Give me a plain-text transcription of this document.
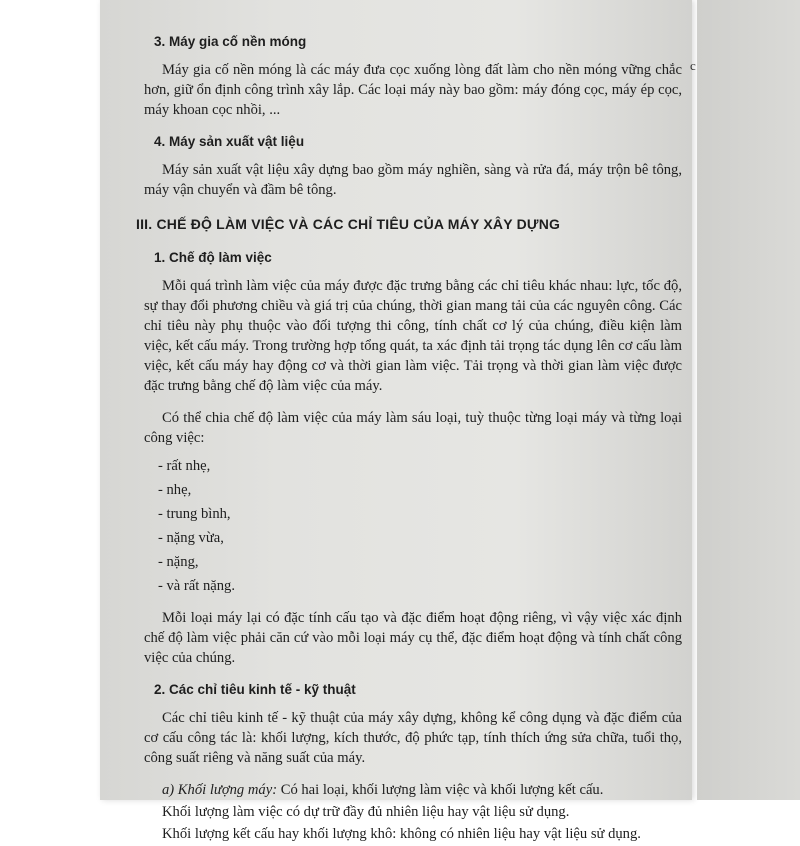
c
3. Máy gia cố nền móng

Máy gia cố nền móng là các máy đưa cọc xuống lòng đất làm cho nền móng vững chắc hơn, giữ ổn định công trình xây lắp. Các loại máy này bao gồm: máy đóng cọc, máy ép cọc, máy khoan cọc nhồi, ...

4. Máy sản xuất vật liệu

Máy sản xuất vật liệu xây dựng bao gồm máy nghiền, sàng và rửa đá, máy trộn bê tông, máy vận chuyển và đầm bê tông.

III. CHẾ ĐỘ LÀM VIỆC VÀ CÁC CHỈ TIÊU CỦA MÁY XÂY DỰNG
1. Chế độ làm việc

Mỗi quá trình làm việc của máy được đặc trưng bằng các chỉ tiêu khác nhau: lực, tốc độ, sự thay đổi phương chiều và giá trị của chúng, thời gian mang tải của các nguyên công. Các chỉ tiêu này phụ thuộc vào đối tượng thi công, tính chất cơ lý của chúng, điều kiện làm việc, kết cấu máy. Trong trường hợp tổng quát, ta xác định tải trọng tác dụng lên cơ cấu làm việc, kết cấu máy hay động cơ và thời gian làm việc. Tải trọng và thời gian làm việc được đặc trưng bằng chế độ làm việc của máy.

Có thể chia chế độ làm việc của máy làm sáu loại, tuỳ thuộc từng loại máy và từng loại công việc:

- rất nhẹ,
- nhẹ,
- trung bình,
- nặng vừa,
- nặng,
- và rất nặng.

Mỗi loại máy lại có đặc tính cấu tạo và đặc điểm hoạt động riêng, vì vậy việc xác định chế độ làm việc phải căn cứ vào mỗi loại máy cụ thể, đặc điểm hoạt động và tính chất công việc của chúng.

2. Các chỉ tiêu kinh tế - kỹ thuật

Các chỉ tiêu kinh tế - kỹ thuật của máy xây dựng, không kể công dụng và đặc điểm của cơ cấu công tác là: khối lượng, kích thước, độ phức tạp, tính thích ứng sửa chữa, tuổi thọ, công suất riêng và năng suất của máy.

a) Khối lượng máy: Có hai loại, khối lượng làm việc và khối lượng kết cấu.
Khối lượng làm việc có dự trữ đầy đủ nhiên liệu hay vật liệu sử dụng.
Khối lượng kết cấu hay khối lượng khô: không có nhiên liệu hay vật liệu sử dụng.
